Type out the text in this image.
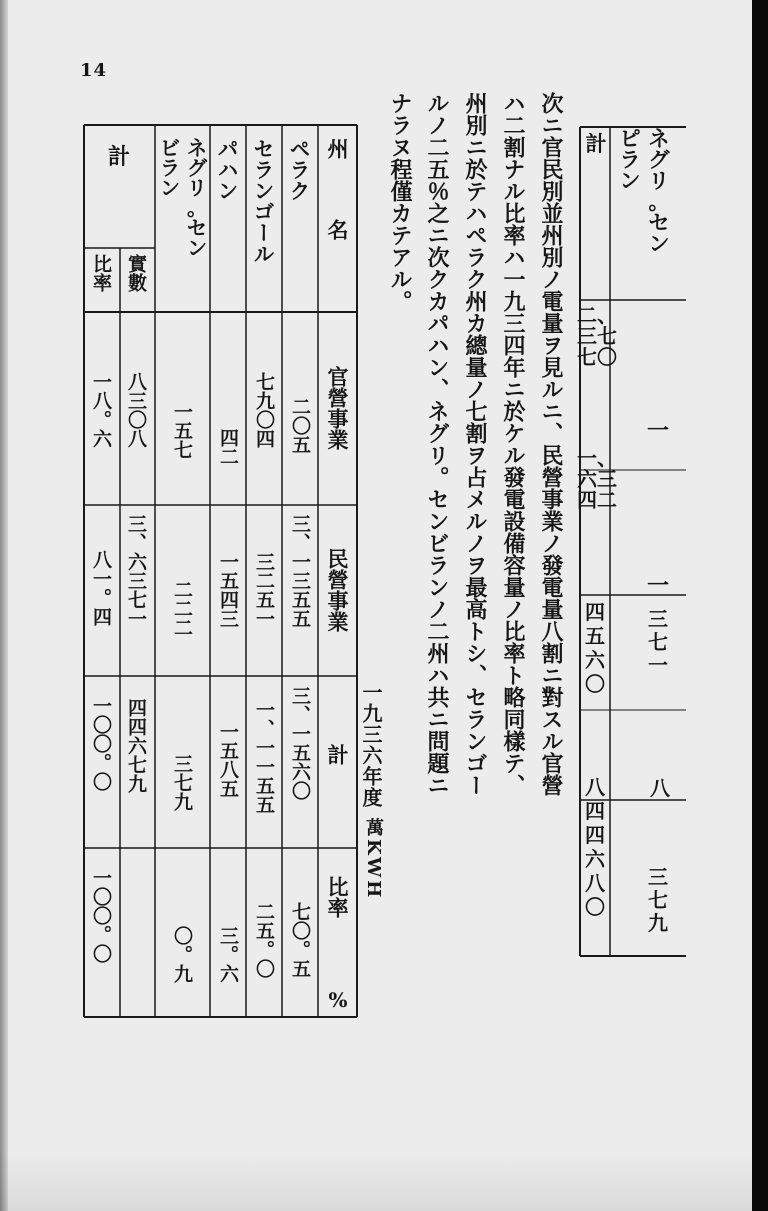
14
ネ
グ
リ
。
セ
ン
ピ
ラ
ン
計
一
一
三七一
八
三七九
二、三七七〇
一、六三四二
四五六〇
八四四六八〇
次ニ官民別並州別ノ電量ヲ見ルニ、民營事業ノ發電量八割ニ對スル官營
ハ二割ナル比率ハ一九三四年ニ於ケル發電設備容量ノ比率ト略同樣テ、
州別ニ於テハペラク州カ總量ノ七割ヲ占メルノヲ最高トシ、セランゴー
ルノ二五％之ニ次クカパハン、ネグリ。センビランノ二州ハ共ニ問題ニ
ナラヌ程僅カテアル。
一九三六年度
萬KWH
州　　名
官營事業
民營事業
計
比率
%
ペラク
セランゴール
パハン
ネ
グ
リ
。
セ
ン
ビ
ラ
ン
計
實數
比率
二〇五
三、一三五五
三、一五六〇
七〇。五
七九〇四
三二五一
一、一一五五
二五。〇
四二
一五四三
一五八五
三。六
一五七
二二二
三七九
〇。九
八三〇八
三、六三七一
四四六七九
一八。六
八一。四
一〇〇。〇
一〇〇。〇
